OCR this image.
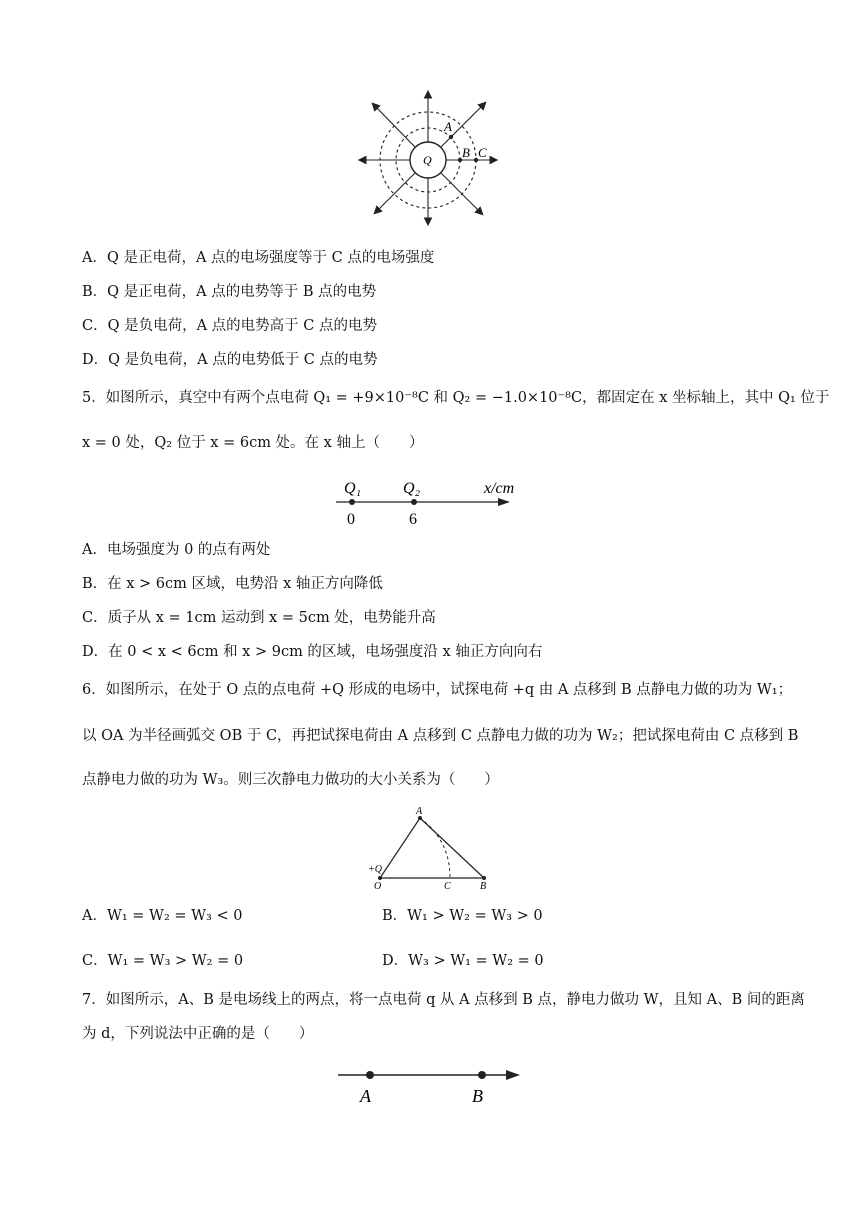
Q
A
B C
A．Q 是正电荷，A 点的电场强度等于 C 点的电场强度
B．Q 是正电荷，A 点的电势等于 B 点的电势
C．Q 是负电荷，A 点的电势高于 C 点的电势
D．Q 是负电荷，A 点的电势低于 C 点的电势
5．如图所示，真空中有两个点电荷 Q₁ = +9×10⁻⁸C 和 Q₂ = −1.0×10⁻⁸C，都固定在 x 坐标轴上，其中 Q₁ 位于
x = 0 处，Q₂ 位于 x = 6cm 处。在 x 轴上（　　）
Q₁	Q₂	x/cm
0	6
A．电场强度为 0 的点有两处
B．在 x > 6cm 区域，电势沿 x 轴正方向降低
C．质子从 x = 1cm 运动到 x = 5cm 处，电势能升高
D．在 0 < x < 6cm 和 x > 9cm 的区域，电场强度沿 x 轴正方向向右
6．如图所示，在处于 O 点的点电荷 +Q 形成的电场中，试探电荷 +q 由 A 点移到 B 点静电力做的功为 W₁；
以 OA 为半径画弧交 OB 于 C，再把试探电荷由 A 点移到 C 点静电力做的功为 W₂；把试探电荷由 C 点移到 B
点静电力做的功为 W₃。则三次静电力做功的大小关系为（　　）
A
+Q
O	C	B
A．W₁ = W₂ = W₃ < 0	B．W₁ > W₂ = W₃ > 0
C．W₁ = W₃ > W₂ = 0	D．W₃ > W₁ = W₂ = 0
7．如图所示，A、B 是电场线上的两点，将一点电荷 q 从 A 点移到 B 点，静电力做功 W，且知 A、B 间的距离
为 d，下列说法中正确的是（　　）
A	B
